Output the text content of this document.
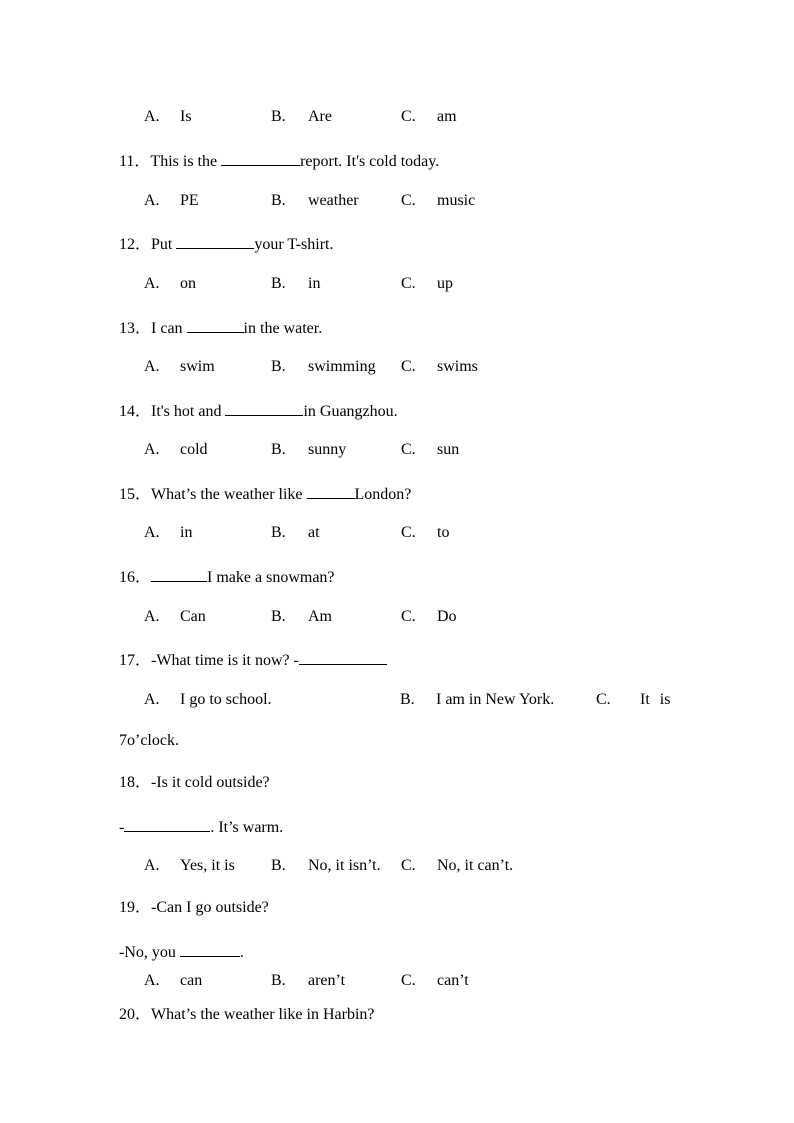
A. Is	B. Are	C. am
11．This is the	report. It's cold today.
A. PE	B. weather	C. music
12．Put	your T-shirt.
A. on	B. in	C. up
13．I can	in the water.
A. swim	B. swimming C. swims
14．It's hot and	in Guangzhou.
A. cold	B. sunny	C. sun
15．What’s the weather like	London?
A. in	B. at	C. to
16．	I make a snowman?
A. Can	B. Am	C. Do
17．-What time is it now? -
A. I go to school.	B. I am in New York.	C. It is
7o’clock.
18．-Is it cold outside?
-	. It’s warm.
A. Yes, it is B. No, it isn’t. C. No, it can’t.
19．-Can I go outside?
-No, you	.
A. can	B. aren’t	C. can’t
20．What’s the weather like in Harbin?
